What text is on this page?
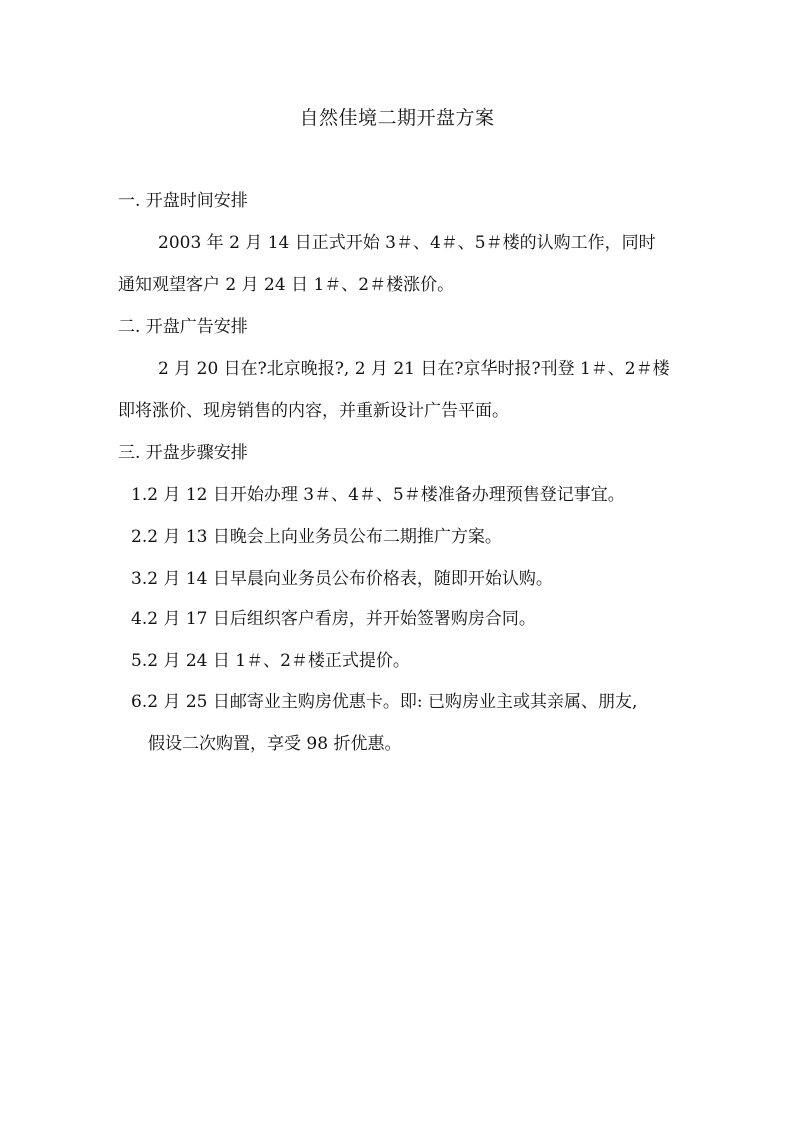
自然佳境二期开盘方案
一. 开盘时间安排
2003 年 2 月 14 日正式开始 3＃、4＃、5＃楼的认购工作，同时
通知观望客户 2 月 24 日 1＃、2＃楼涨价。
二. 开盘广告安排
2 月 20 日在?北京晚报?, 2 月 21 日在?京华时报?刊登 1＃、2＃楼
即将涨价、现房销售的内容，并重新设计广告平面。
三. 开盘步骤安排
1.2 月 12 日开始办理 3＃、4＃、5＃楼准备办理预售登记事宜。
2.2 月 13 日晚会上向业务员公布二期推广方案。
3.2 月 14 日早晨向业务员公布价格表，随即开始认购。
4.2 月 17 日后组织客户看房，并开始签署购房合同。
5.2 月 24 日 1＃、2＃楼正式提价。
6.2 月 25 日邮寄业主购房优惠卡。即: 已购房业主或其亲属、朋友,
假设二次购置，享受 98 折优惠。
